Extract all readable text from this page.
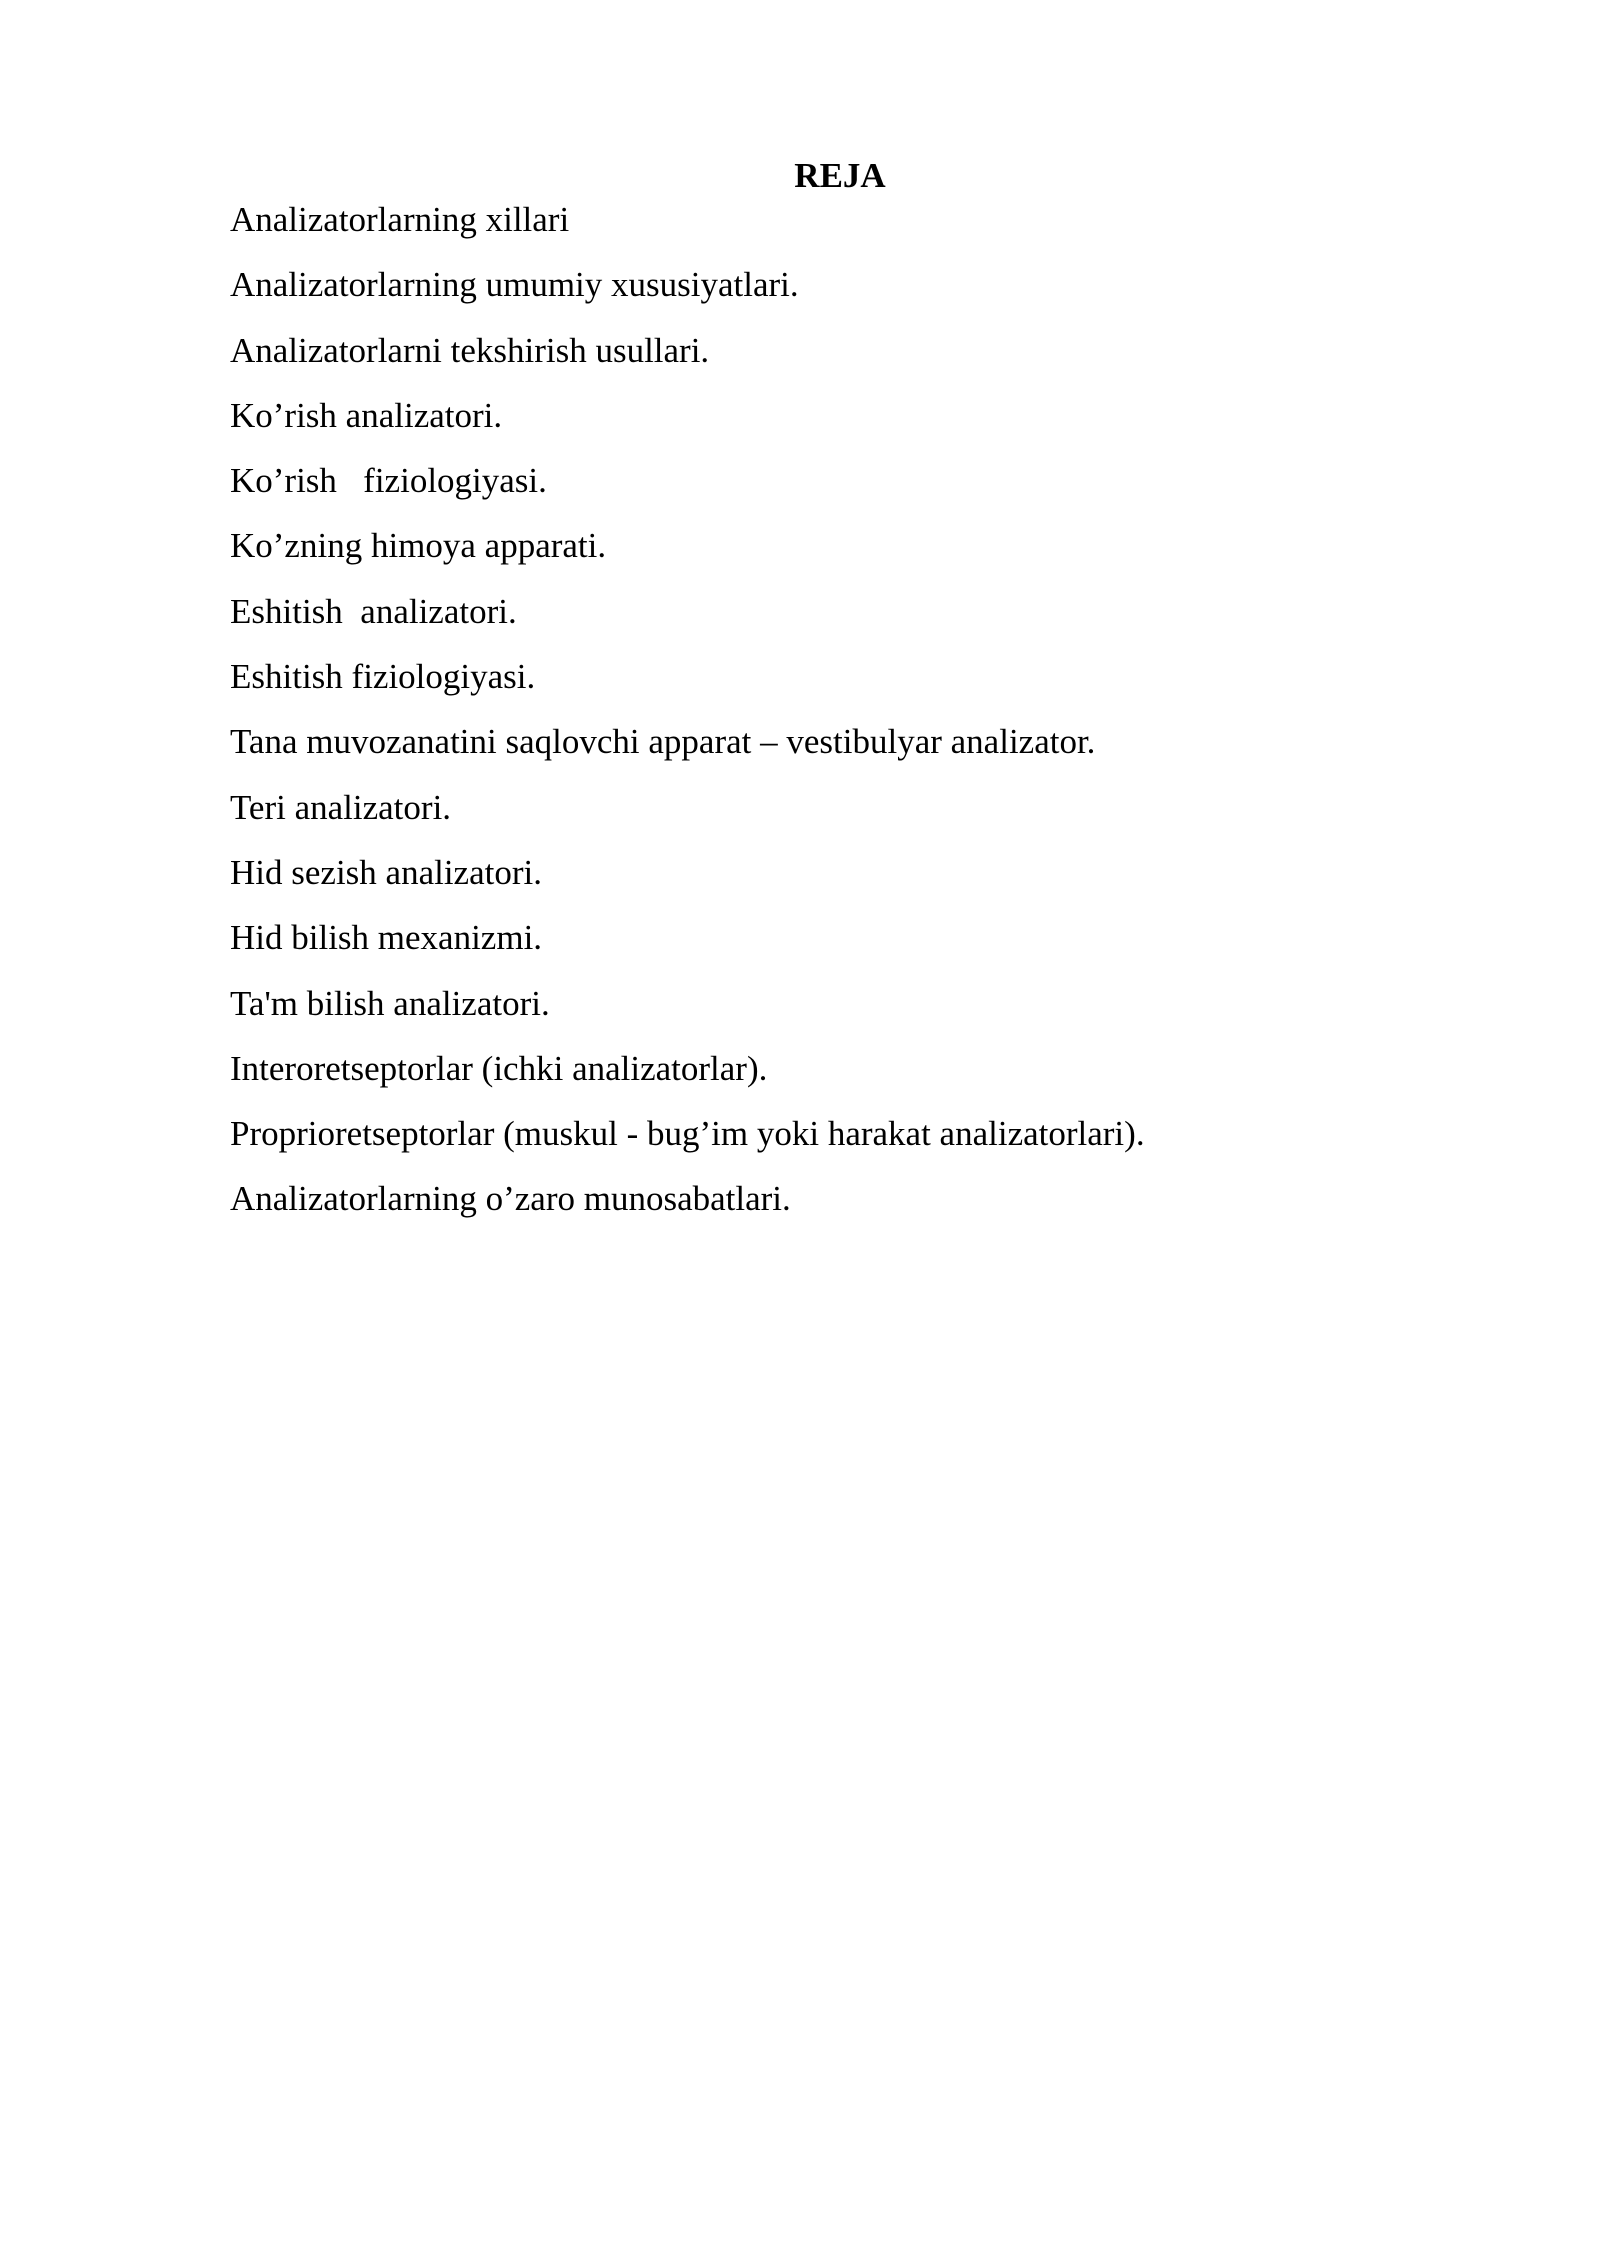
REJA
Analizatorlarning xillari
Analizatorlarning umumiy xususiyatlari.
Analizatorlarni tekshirish usullari.
Ko’rish analizatori.
Ko’rish   fiziologiyasi.
Ko’zning himoya apparati.
Eshitish  analizatori.
Eshitish fiziologiyasi.
Tana muvozanatini saqlovchi apparat – vestibulyar analizator.
Teri analizatori.
Hid sezish analizatori.
Hid bilish mexanizmi.
Ta'm bilish analizatori.
Interoretseptorlar (ichki analizatorlar).
Proprioretseptorlar (muskul - bug’im yoki harakat analizatorlari).
Analizatorlarning o’zaro munosabatlari.
